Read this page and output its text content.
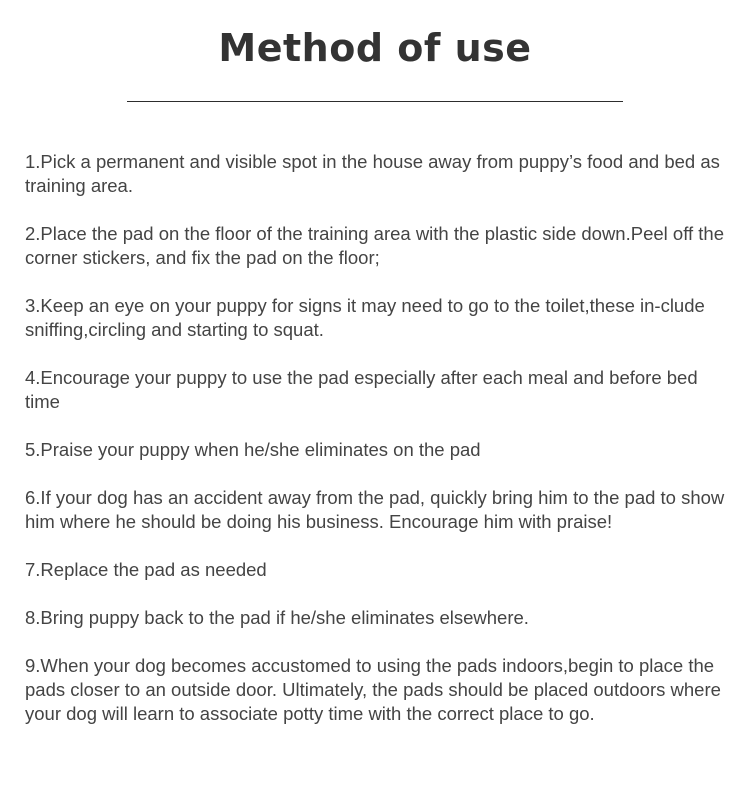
Method of use
1.Pick a permanent and visible spot in the house away from puppy’s food and bed as training area.
2.Place the pad on the floor of the training area with the plastic side down.Peel off the corner stickers, and fix the pad on the floor;
3.Keep an eye on your puppy for signs it may need to go to the toilet,these in-clude sniffing,circling and starting to squat.
4.Encourage your puppy to use the pad especially after each meal and before bed time
5.Praise your puppy when he/she eliminates on the pad
6.If your dog has an accident away from the pad, quickly bring him to the pad to show him where he should be doing his business. Encourage him with praise!
7.Replace the pad as needed
8.Bring puppy back to the pad if he/she eliminates elsewhere.
9.When your dog becomes accustomed to using the pads indoors,begin to place the pads closer to an outside door. Ultimately, the pads should be placed outdoors where your dog will learn to associate potty time with the correct place to go.
